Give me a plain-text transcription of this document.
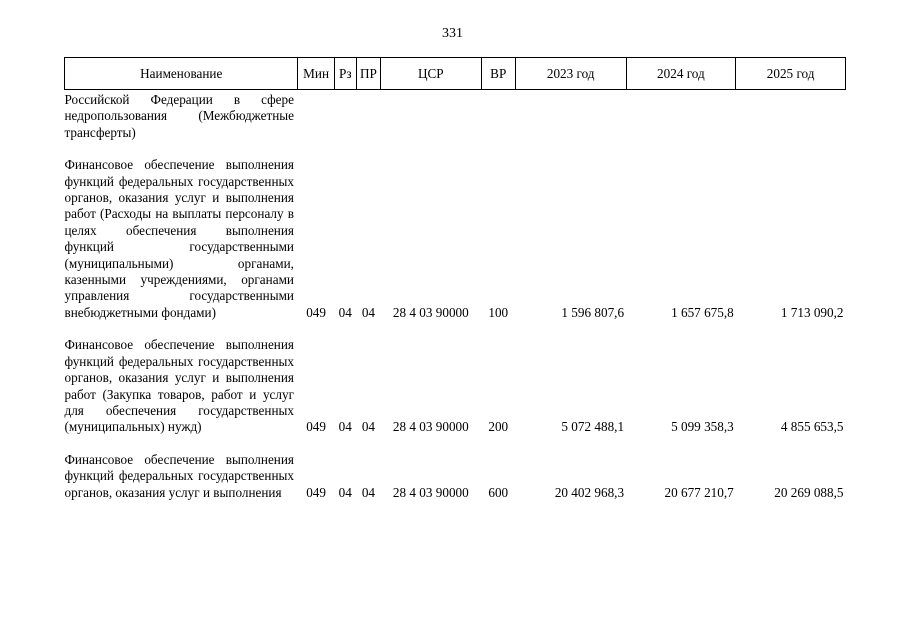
331
Наименование	Мин	Рз	ПР	ЦСР	ВР	2023 год	2024 год	2025 год
Российской Федерации в сфере недропользования (Межбюджетные трансферты)								
Финансовое обеспечение выполнения функций федеральных государственных органов, оказания услуг и выполнения работ (Расходы на выплаты персоналу в целях обеспечения выполнения функций государственными (муниципальными) органами, казенными учреждениями, органами управления государственными внебюджетными фондами)	049	04	04	28 4 03 90000	100	1 596 807,6	1 657 675,8	1 713 090,2
Финансовое обеспечение выполнения функций федеральных государственных органов, оказания услуг и выполнения работ (Закупка товаров, работ и услуг для обеспечения государственных (муниципальных) нужд)	049	04	04	28 4 03 90000	200	5 072 488,1	5 099 358,3	4 855 653,5
Финансовое обеспечение выполнения функций федеральных государственных органов, оказания услуг и выполнения	049	04	04	28 4 03 90000	600	20 402 968,3	20 677 210,7	20 269 088,5
